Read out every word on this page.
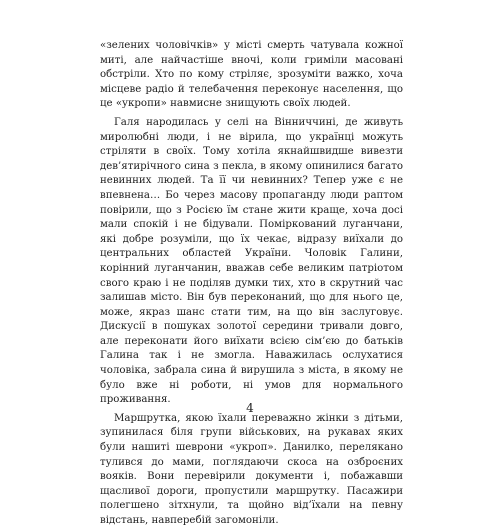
«зелених чоловічків» у місті смерть чатувала кожної миті, але найчастіше вночі, коли гриміли масовані обстріли. Хто по кому стріляє, зрозуміти важко, хоча місцеве радіо й телебачення переконує населення, що це «укропи» навмисне знищують своїх людей.

Галя народилась у селі на Вінниччині, де живуть миролюбні люди, і не вірила, що українці можуть стріляти в своїх. Тому хотіла якнайшвидше вивезти дев’ятирічного сина з пекла, в якому опинилися багато невинних людей. Та її чи невинних? Тепер уже є не впевнена… Бо через масову пропаганду люди раптом повірили, що з Росією їм стане жити краще, хоча досі мали спокій і не бідували. Поміркований луганчани, які добре розуміли, що їх чекає, відразу виїхали до центральних областей України. Чоловік Галини, корінний луганчанин, вважав себе великим патріотом свого краю і не поділяв думки тих, хто в скрутний час залишав місто. Він був переконаний, що для нього це, може, якраз шанс стати тим, на що він заслуговує. Дискусії в пошуках золотої середини тривали довго, але переконати його виїхати всією сім’єю до батьків Галина так і не змогла. Наважилась ослухатися чоловіка, забрала сина й вирушила з міста, в якому не було вже ні роботи, ні умов для нормального проживання.

Маршрутка, якою їхали переважно жінки з дітьми, зупинилася біля групи військових, на рукавах яких були нашиті шеврони «укроп». Данилко, переляканo тулився до мами, поглядаючи скоса на озброєних вояків. Вони перевірили документи і, побажавши щасливої дороги, пропустили маршрутку. Пасажири полегшено зітхнули, та щойно від’їхали на певну відстань, навперебій загомоніли.

4
